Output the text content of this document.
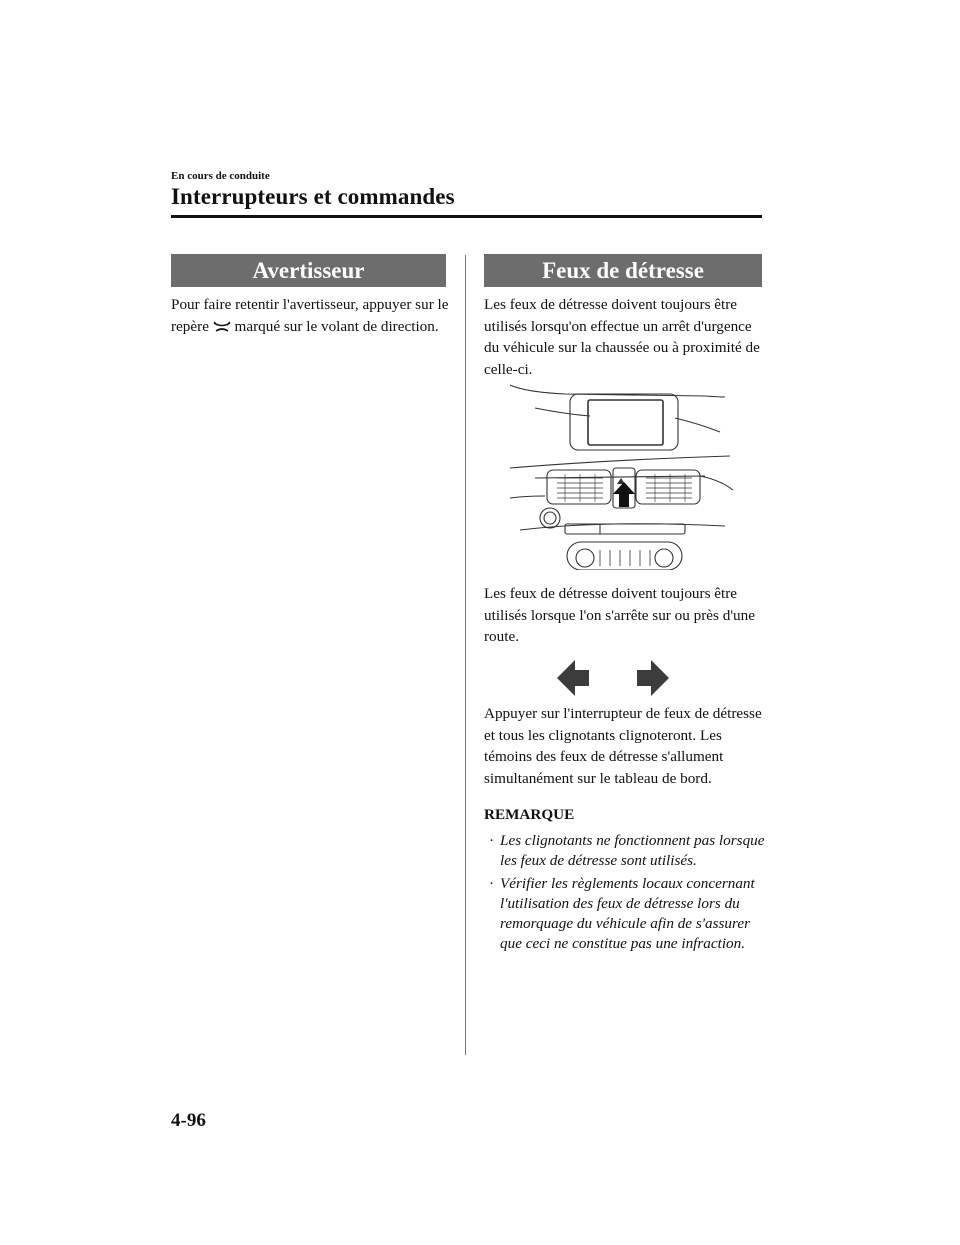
En cours de conduite
Interrupteurs et commandes
Avertisseur	Feux de détresse

Pour faire retentir l'avertisseur, appuyer sur le repère  marqué sur le volant de direction.

Les feux de détresse doivent toujours être utilisés lorsqu'on effectue un arrêt d'urgence du véhicule sur la chaussée ou à proximité de celle-ci.

Les feux de détresse doivent toujours être utilisés lorsque l'on s'arrête sur ou près d'une route.

Appuyer sur l'interrupteur de feux de détresse et tous les clignotants clignoteront. Les témoins des feux de détresse s'allument simultanément sur le tableau de bord.

REMARQUE
· Les clignotants ne fonctionnent pas lorsque les feux de détresse sont utilisés.
· Vérifier les règlements locaux concernant l'utilisation des feux de détresse lors du remorquage du véhicule afin de s'assurer que ceci ne constitue pas une infraction.
4-96
